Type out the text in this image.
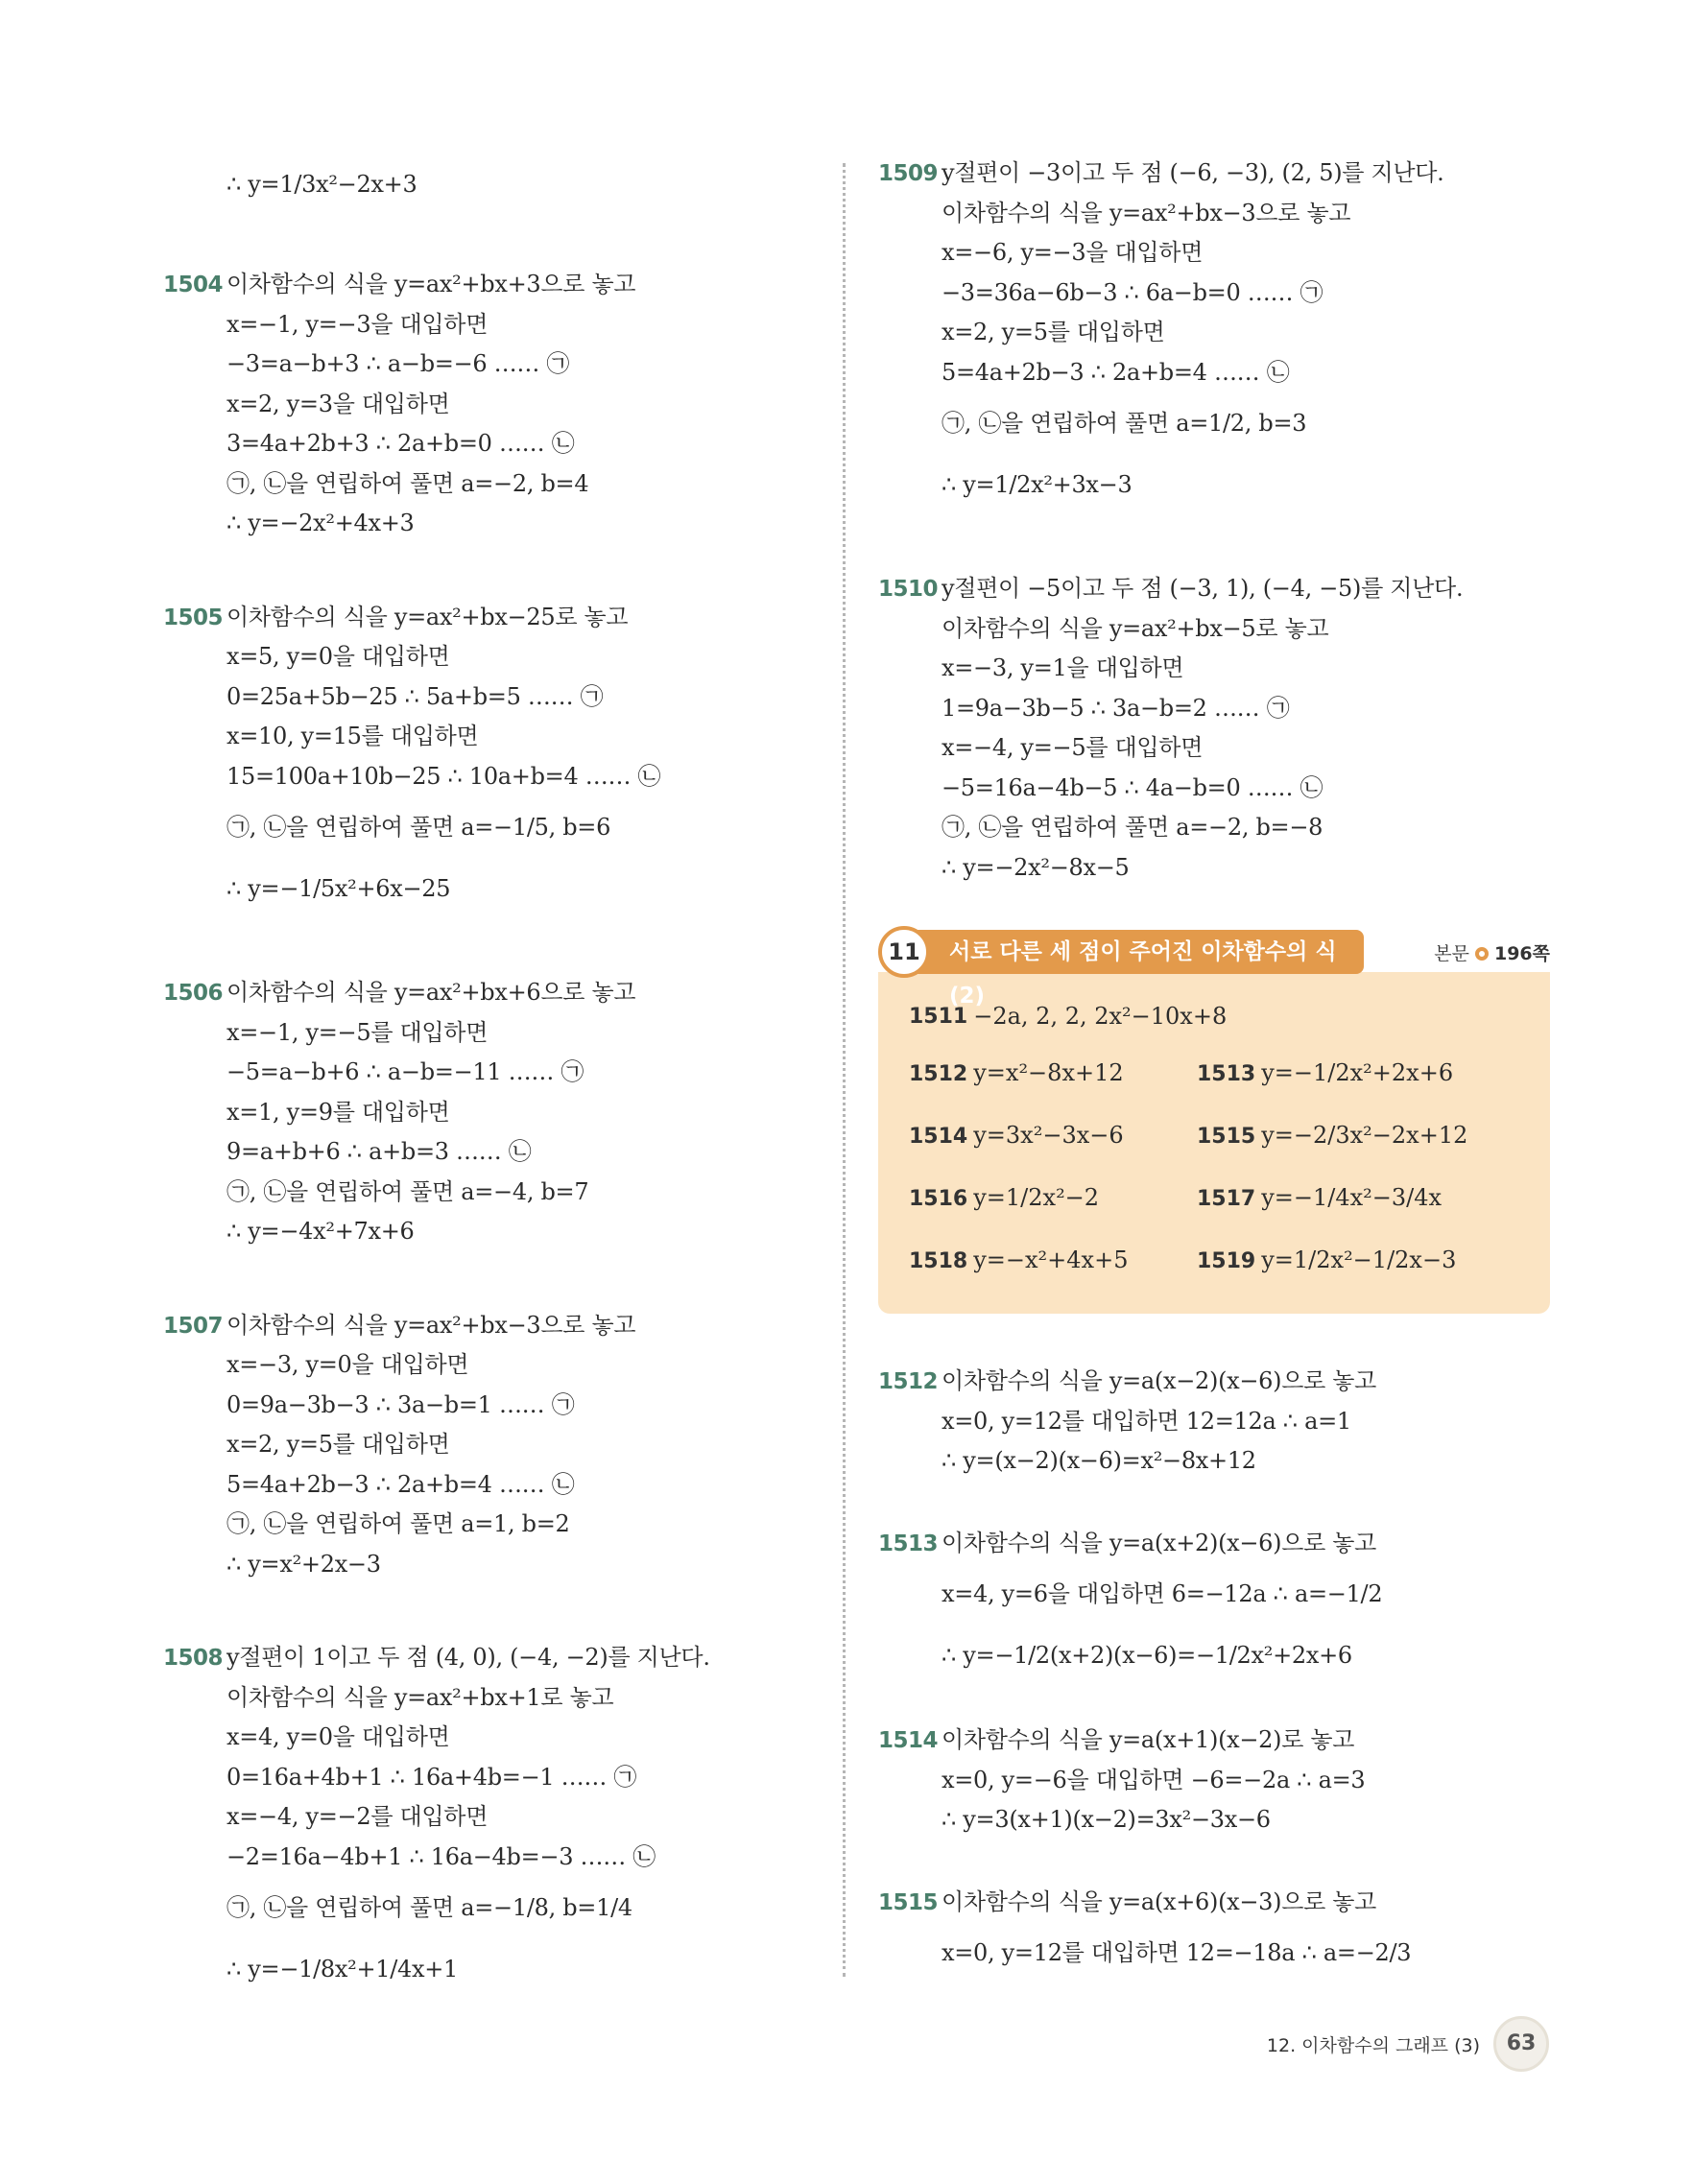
∴ y=1/3x²−2x+3
1504 이차함수의 식을 y=ax²+bx+3으로 놓고
x=−1, y=−3을 대입하면
−3=a−b+3 ∴ a−b=−6 …… ㉠
x=2, y=3을 대입하면
3=4a+2b+3 ∴ 2a+b=0 …… ㉡
㉠, ㉡을 연립하여 풀면 a=−2, b=4
∴ y=−2x²+4x+3
1505 이차함수의 식을 y=ax²+bx−25로 놓고
x=5, y=0을 대입하면
0=25a+5b−25 ∴ 5a+b=5 …… ㉠
x=10, y=15를 대입하면
15=100a+10b−25 ∴ 10a+b=4 …… ㉡
㉠, ㉡을 연립하여 풀면 a=−1/5, b=6
∴ y=−1/5x²+6x−25
1506 이차함수의 식을 y=ax²+bx+6으로 놓고
x=−1, y=−5를 대입하면
−5=a−b+6 ∴ a−b=−11 …… ㉠
x=1, y=9를 대입하면
9=a+b+6 ∴ a+b=3 …… ㉡
㉠, ㉡을 연립하여 풀면 a=−4, b=7
∴ y=−4x²+7x+6
1507 이차함수의 식을 y=ax²+bx−3으로 놓고
x=−3, y=0을 대입하면
0=9a−3b−3 ∴ 3a−b=1 …… ㉠
x=2, y=5를 대입하면
5=4a+2b−3 ∴ 2a+b=4 …… ㉡
㉠, ㉡을 연립하여 풀면 a=1, b=2
∴ y=x²+2x−3
1508 y절편이 1이고 두 점 (4, 0), (−4, −2)를 지난다.
이차함수의 식을 y=ax²+bx+1로 놓고
x=4, y=0을 대입하면
0=16a+4b+1 ∴ 16a+4b=−1 …… ㉠
x=−4, y=−2를 대입하면
−2=16a−4b+1 ∴ 16a−4b=−3 …… ㉡
㉠, ㉡을 연립하여 풀면 a=−1/8, b=1/4
∴ y=−1/8x²+1/4x+1
1509 y절편이 −3이고 두 점 (−6, −3), (2, 5)를 지난다.
이차함수의 식을 y=ax²+bx−3으로 놓고
x=−6, y=−3을 대입하면
−3=36a−6b−3 ∴ 6a−b=0 …… ㉠
x=2, y=5를 대입하면
5=4a+2b−3 ∴ 2a+b=4 …… ㉡
㉠, ㉡을 연립하여 풀면 a=1/2, b=3
∴ y=1/2x²+3x−3
1510 y절편이 −5이고 두 점 (−3, 1), (−4, −5)를 지난다.
이차함수의 식을 y=ax²+bx−5로 놓고
x=−3, y=1을 대입하면
1=9a−3b−5 ∴ 3a−b=2 …… ㉠
x=−4, y=−5를 대입하면
−5=16a−4b−5 ∴ 4a−b=0 …… ㉡
㉠, ㉡을 연립하여 풀면 a=−2, b=−8
∴ y=−2x²−8x−5
서로 다른 세 점이 주어진 이차함수의 식 (2)
11	본문 196쪽
1511 −2a, 2, 2, 2x²−10x+8
1512 y=x²−8x+12	1513 y=−1/2x²+2x+6
1514 y=3x²−3x−6	1515 y=−2/3x²−2x+12
1516 y=1/2x²−2	1517 y=−1/4x²−3/4x
1518 y=−x²+4x+5	1519 y=1/2x²−1/2x−3
1512 이차함수의 식을 y=a(x−2)(x−6)으로 놓고
x=0, y=12를 대입하면 12=12a ∴ a=1
∴ y=(x−2)(x−6)=x²−8x+12
1513 이차함수의 식을 y=a(x+2)(x−6)으로 놓고
x=4, y=6을 대입하면 6=−12a ∴ a=−1/2
∴ y=−1/2(x+2)(x−6)=−1/2x²+2x+6
1514 이차함수의 식을 y=a(x+1)(x−2)로 놓고
x=0, y=−6을 대입하면 −6=−2a ∴ a=3
∴ y=3(x+1)(x−2)=3x²−3x−6
1515 이차함수의 식을 y=a(x+6)(x−3)으로 놓고
x=0, y=12를 대입하면 12=−18a ∴ a=−2/3
12. 이차함수의 그래프 (3)	63
